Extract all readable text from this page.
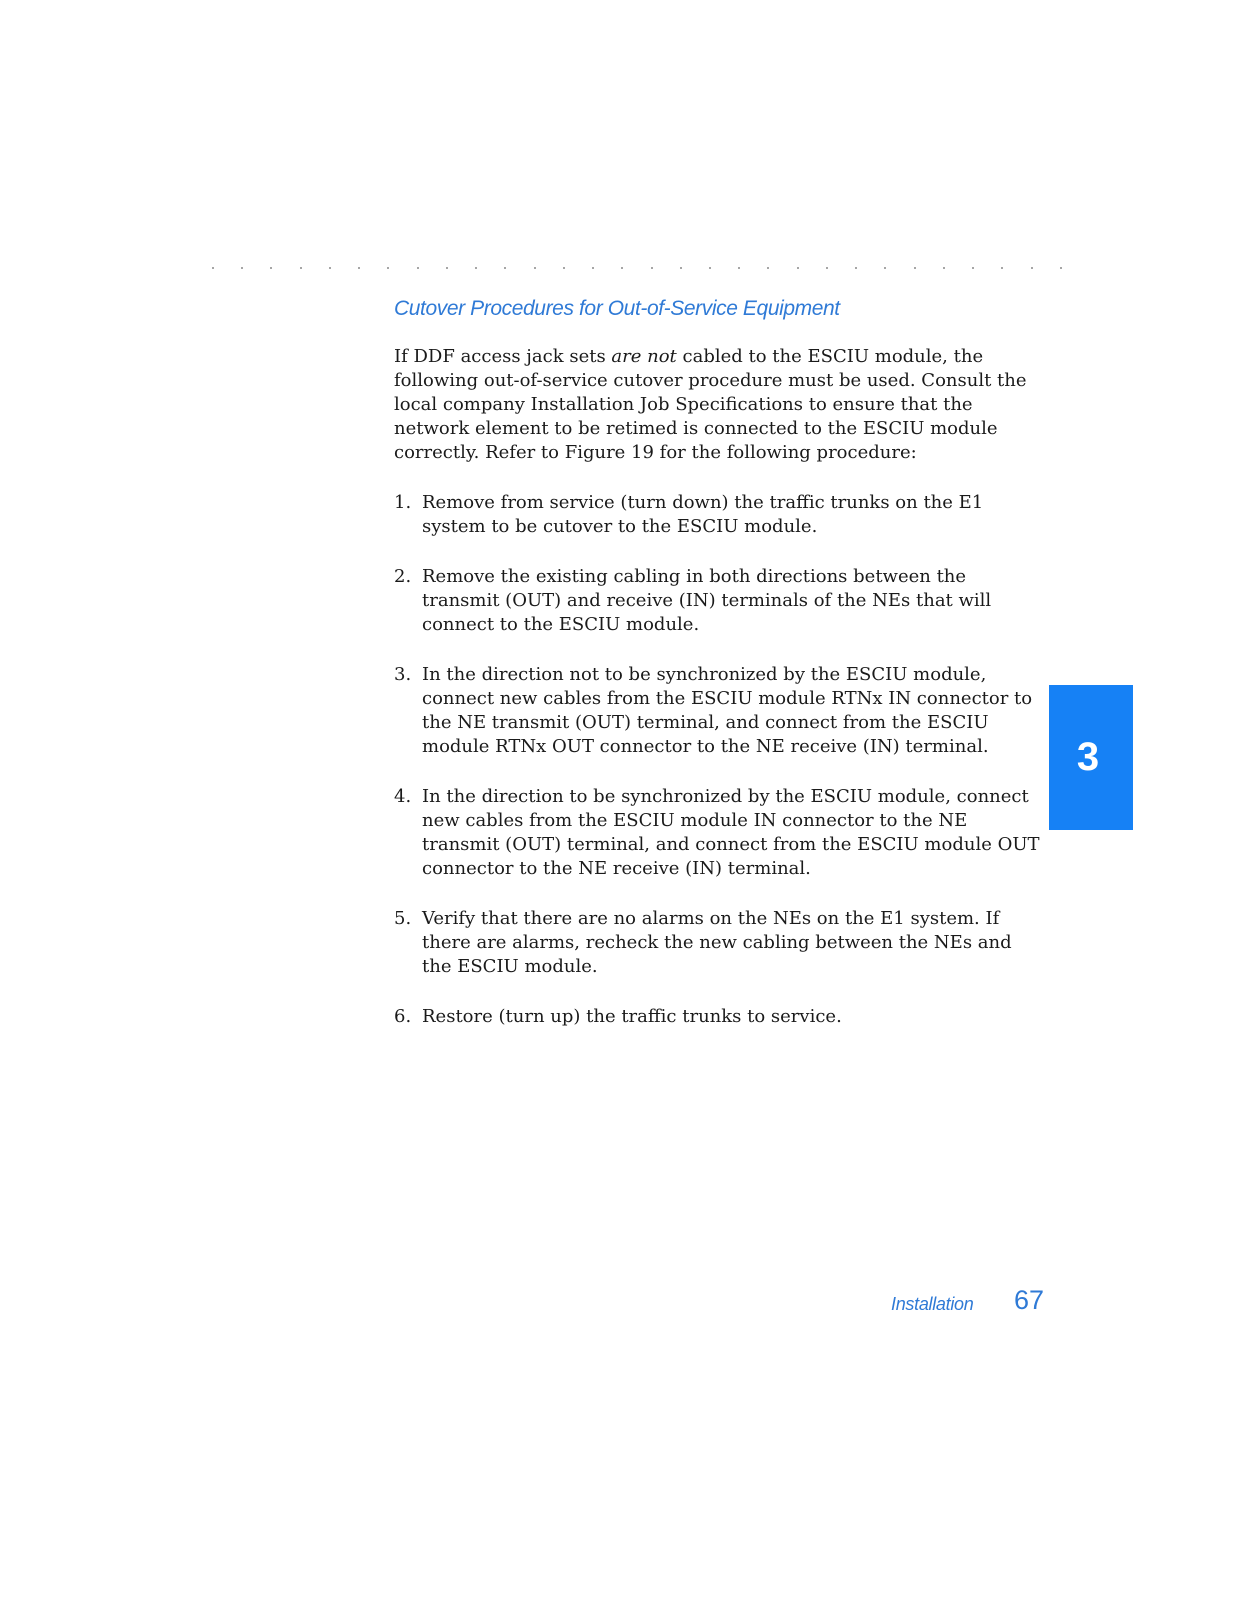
Cutover Procedures for Out-of-Service Equipment

If DDF access jack sets are not cabled to the ESCIU module, the following out-of-service cutover procedure must be used. Consult the local company Installation Job Specifications to ensure that the network element to be retimed is connected to the ESCIU module correctly. Refer to Figure 19 for the following procedure:

1. Remove from service (turn down) the traffic trunks on the E1 system to be cutover to the ESCIU module.
2. Remove the existing cabling in both directions between the transmit (OUT) and receive (IN) terminals of the NEs that will connect to the ESCIU module.
3. In the direction not to be synchronized by the ESCIU module, connect new cables from the ESCIU module RTNx IN connector to the NE transmit (OUT) terminal, and connect from the ESCIU module RTNx OUT connector to the NE receive (IN) terminal.
4. In the direction to be synchronized by the ESCIU module, connect new cables from the ESCIU module IN connector to the NE transmit (OUT) terminal, and connect from the ESCIU module OUT connector to the NE receive (IN) terminal.
5. Verify that there are no alarms on the NEs on the E1 system. If there are alarms, recheck the new cabling between the NEs and the ESCIU module.
6. Restore (turn up) the traffic trunks to service.
3
Installation 67
